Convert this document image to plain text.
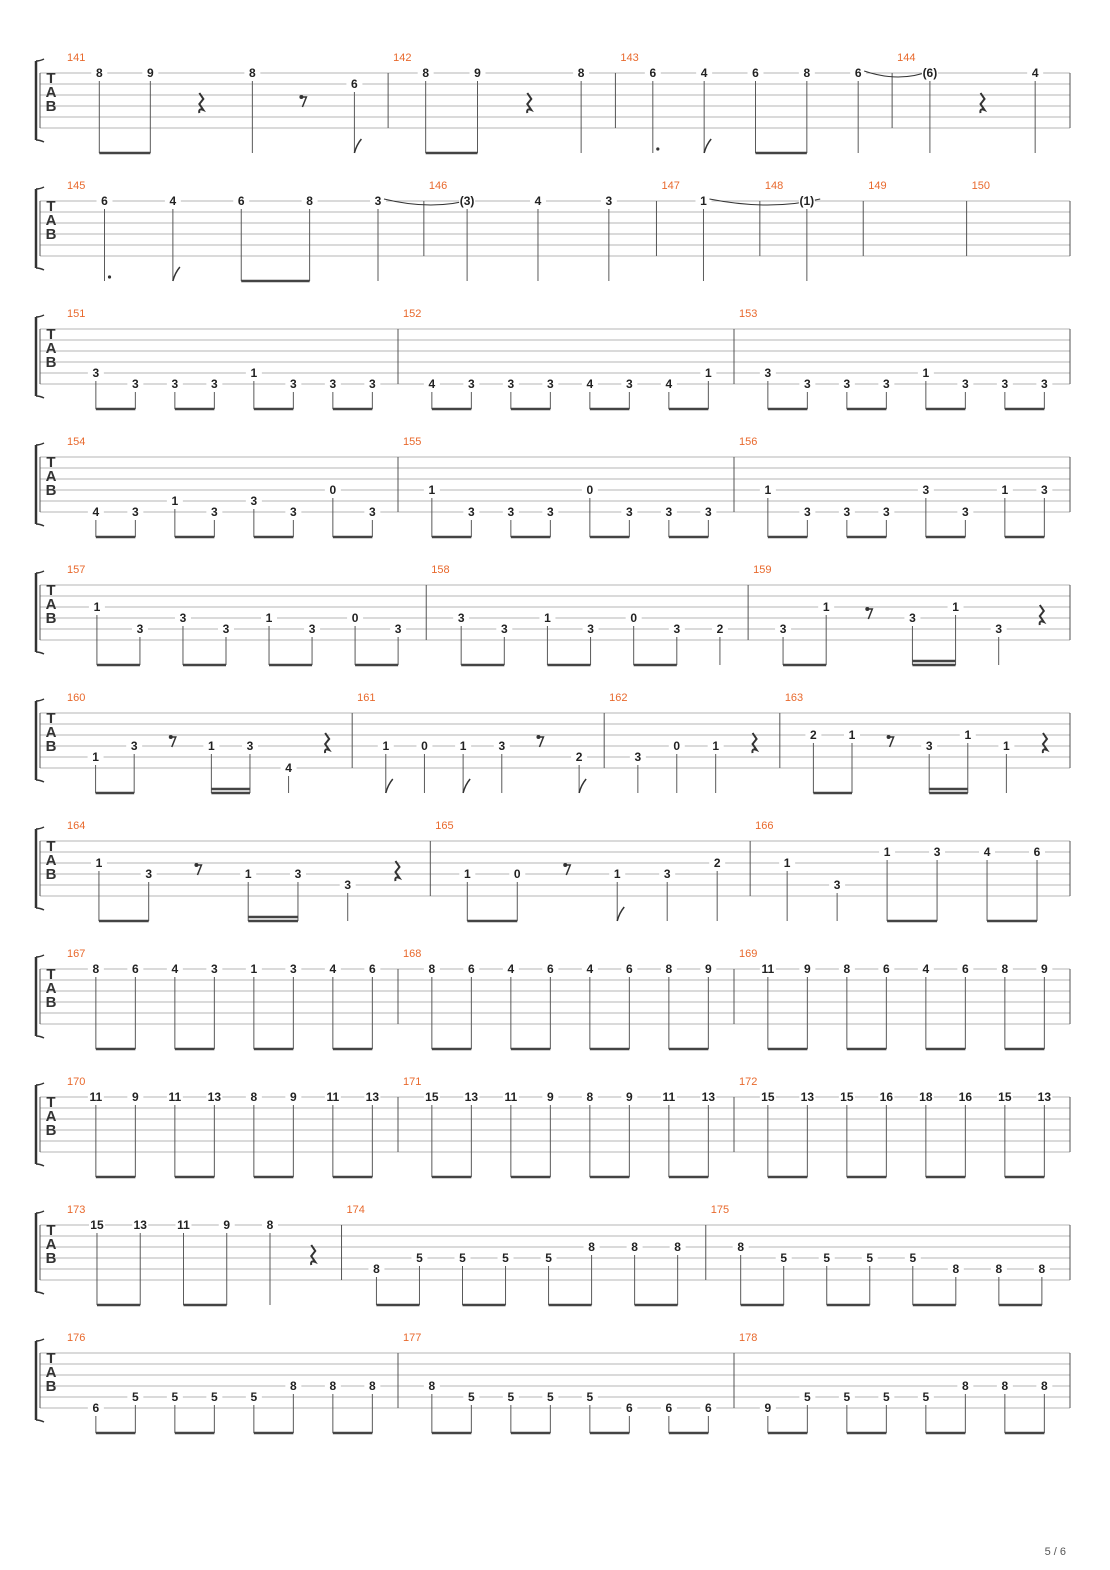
T
A
B
141
8	9	8
6
142
8	9	8
143
6	4	6	8	6
144
(6)	4
T
A
B
145
6	4	6	8	3
146
(3)	4	3
147
1
148
(1)
149	150
T
A
B
151
3
3	3	3
1
3	3	3
152
4	3	3	3	4	3	4
1
153
3
3	3	3
1
3	3	3
T
A
B
154
4	3
1
3
3
3
0
3
155
1
3	3	3
0
3	3	3
156
1
3	3	3
3
3
1	3
T
A
B
157
1
3
3
3
1
3
0
3
158
3
3
1
3
0
3	2
159
3
1
3
1
3
T
A
B
160
1
3	1	3
4
161
1	0	1	3
2
162
3
0	1
163
2	1
3
1
1
T
A
B
164
1
3	1	3
3
165
1	0	1	3
2
166
1
3
1	3	4	6
T
A
B
167
8	6	4	3	1	3	4	6
168
8	6	4	6	4	6	8	9
169
11 9	8	6	4	6	8	9
T
A
B
170
11 9 11 13 8	9 11 13
171
15 13 11 9	8	9 11 13
172
15 13 15 16 18 16 15 13
T
A
B
173
15 13	11	9	8
174
8
5	5	5	5
8	8	8
175
8
5	5	5	5
8	8	8
T
A
B
176
6
5	5	5	5
8	8	8
177
8
5	5	5	5
6	6	6
178
9
5	5	5	5
8	8	8
5 / 6
